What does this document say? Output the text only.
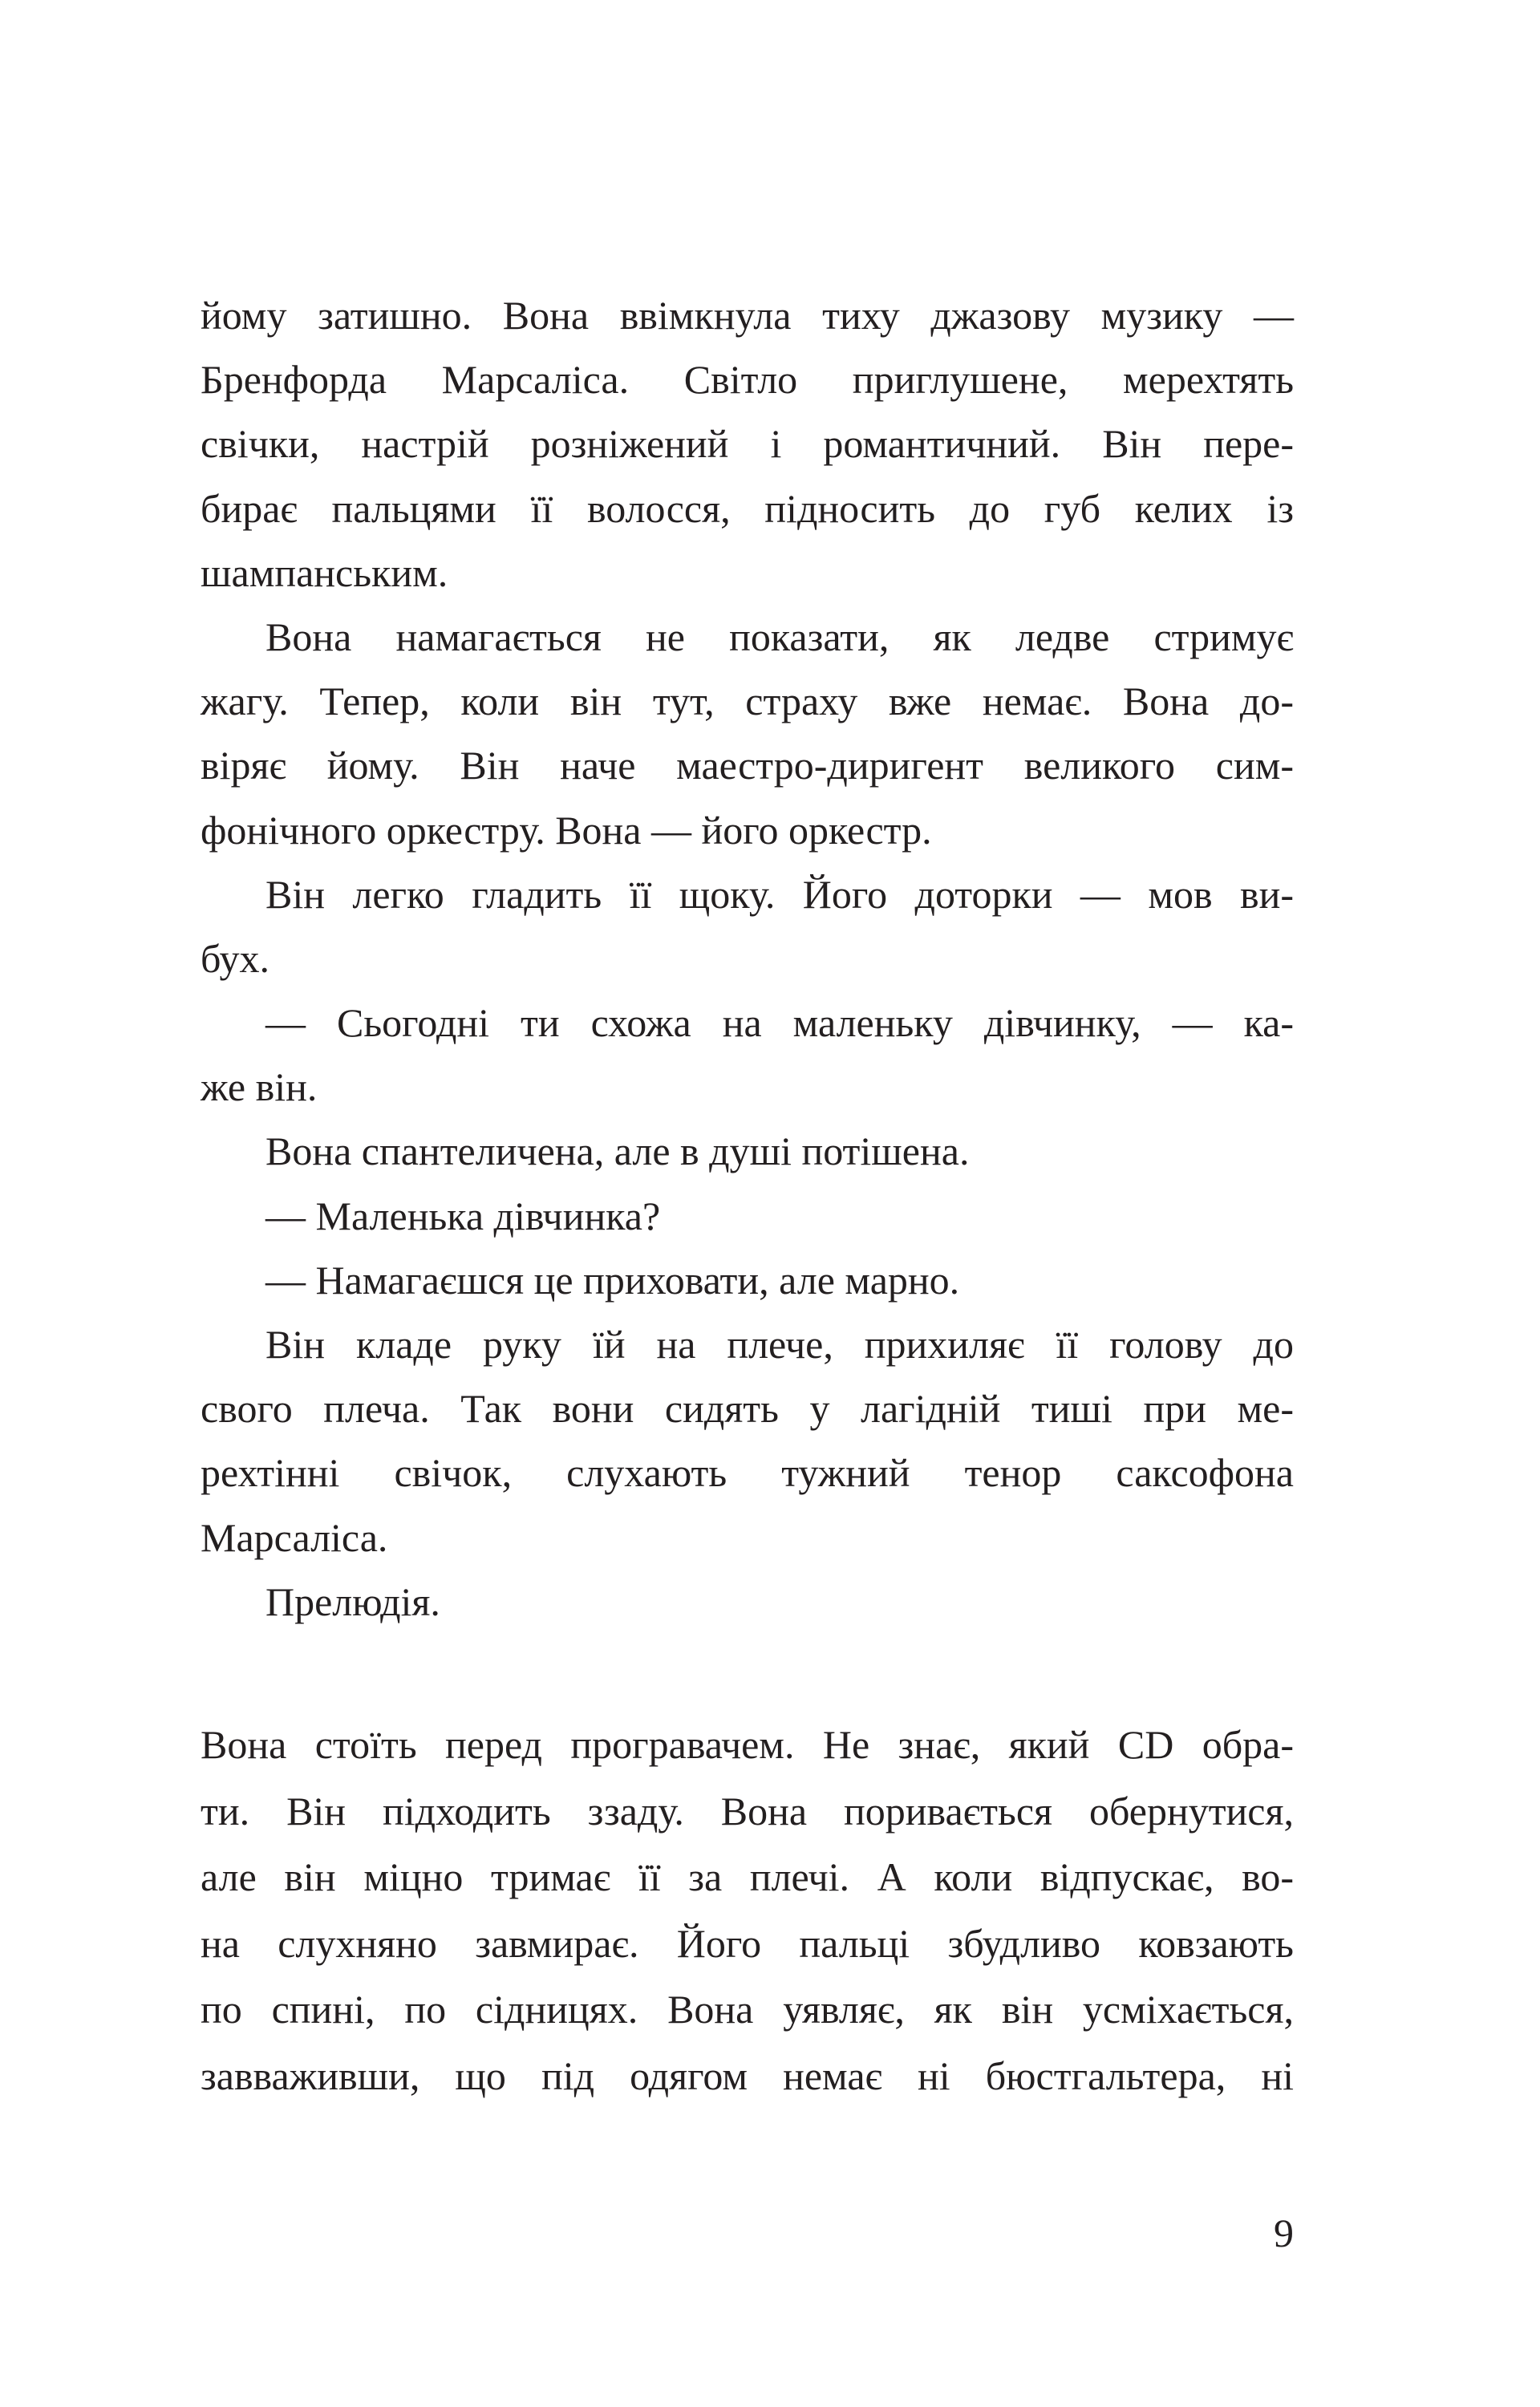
йому затишно. Вона ввімкнула тиху джазову музику —
Бренфорда Марсаліса. Світло приглушене, мерехтять
свічки, настрій розніжений і романтичний. Він пере-
бирає пальцями її волосся, підносить до губ келих із
шампанським.
Вона намагається не показати, як ледве стримує
жагу. Тепер, коли він тут, страху вже немає. Вона до-
віряє йому. Він наче маестро-диригент великого сим-
фонічного оркестру. Вона — його оркестр.
Він легко гладить її щоку. Його доторки — мов ви-
бух.
— Сьогодні ти схожа на маленьку дівчинку, — ка-
же він.
Вона спантеличена, але в душі потішена.
— Маленька дівчинка?
— Намагаєшся це приховати, але марно.
Він кладе руку їй на плече, прихиляє її голову до
свого плеча. Так вони сидять у лагідній тиші при ме-
рехтінні свічок, слухають тужний тенор саксофона
Марсаліса.
Прелюдія.
Вона стоїть перед програвачем. Не знає, який CD обра-
ти. Він підходить ззаду. Вона поривається обернутися,
але він міцно тримає її за плечі. А коли відпускає, во-
на слухняно завмирає. Його пальці збудливо ковзають
по спині, по сідницях. Вона уявляє, як він усміхається,
завваживши, що під одягом немає ні бюстгальтера, ні
9
